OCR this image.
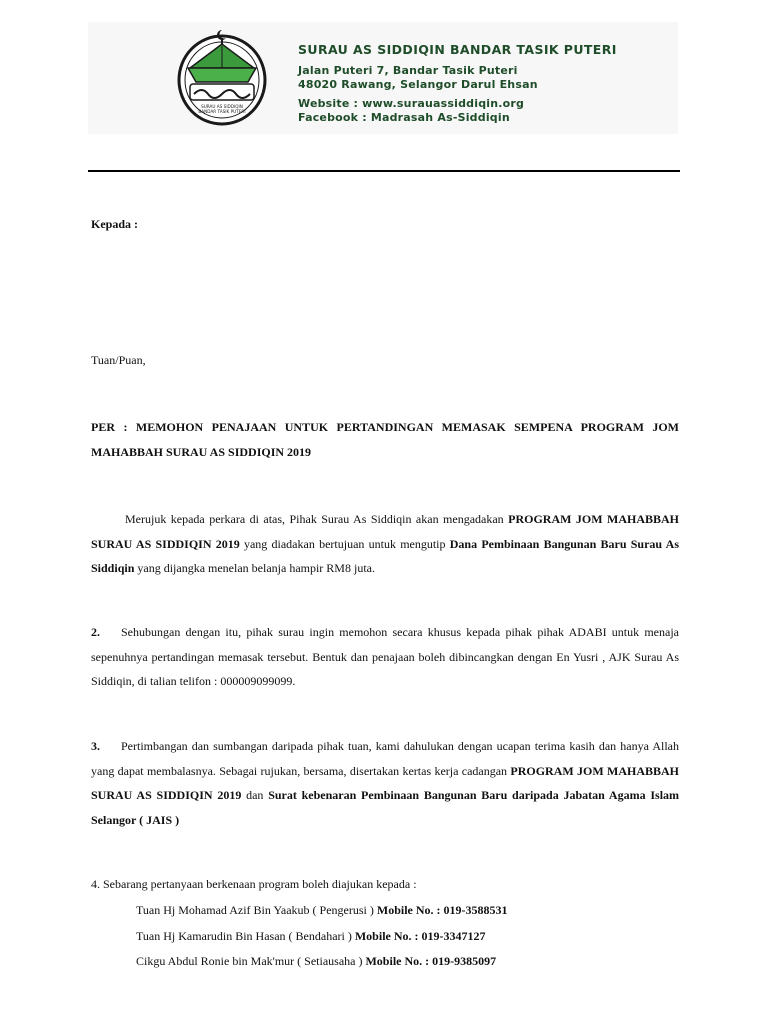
SURAU AS SIDDIQIN
BANDAR TASIK PUTERI
SURAU AS SIDDIQIN BANDAR TASIK PUTERI
Jalan Puteri 7, Bandar Tasik Puteri
48020 Rawang, Selangor Darul Ehsan
Website : www.surauassiddiqin.org
Facebook : Madrasah As-Siddiqin
Kepada :
Tuan/Puan,
PER : MEMOHON PENAJAAN UNTUK PERTANDINGAN MEMASAK SEMPENA PROGRAM JOM MAHABBAH SURAU AS SIDDIQIN 2019
Merujuk kepada perkara di atas, Pihak Surau As Siddiqin akan mengadakan PROGRAM JOM MAHABBAH SURAU AS SIDDIQIN 2019 yang diadakan bertujuan untuk mengutip Dana Pembinaan Bangunan Baru Surau As Siddiqin yang dijangka menelan belanja hampir RM8 juta.
2. Sehubungan dengan itu, pihak surau ingin memohon secara khusus kepada pihak pihak ADABI untuk menaja sepenuhnya pertandingan memasak tersebut. Bentuk dan penajaan boleh dibincangkan dengan En Yusri , AJK Surau As Siddiqin, di talian telifon : 000009099099.
3. Pertimbangan dan sumbangan daripada pihak tuan, kami dahulukan dengan ucapan terima kasih dan hanya Allah yang dapat membalasnya. Sebagai rujukan, bersama, disertakan kertas kerja cadangan PROGRAM JOM MAHABBAH SURAU AS SIDDIQIN 2019 dan Surat kebenaran Pembinaan Bangunan Baru daripada Jabatan Agama Islam Selangor ( JAIS )
4. Sebarang pertanyaan berkenaan program boleh diajukan kepada :
Tuan Hj Mohamad Azif Bin Yaakub ( Pengerusi ) Mobile No. : 019-3588531
Tuan Hj Kamarudin Bin Hasan ( Bendahari ) Mobile No. : 019-3347127
Cikgu Abdul Ronie bin Mak'mur ( Setiausaha ) Mobile No. : 019-9385097
